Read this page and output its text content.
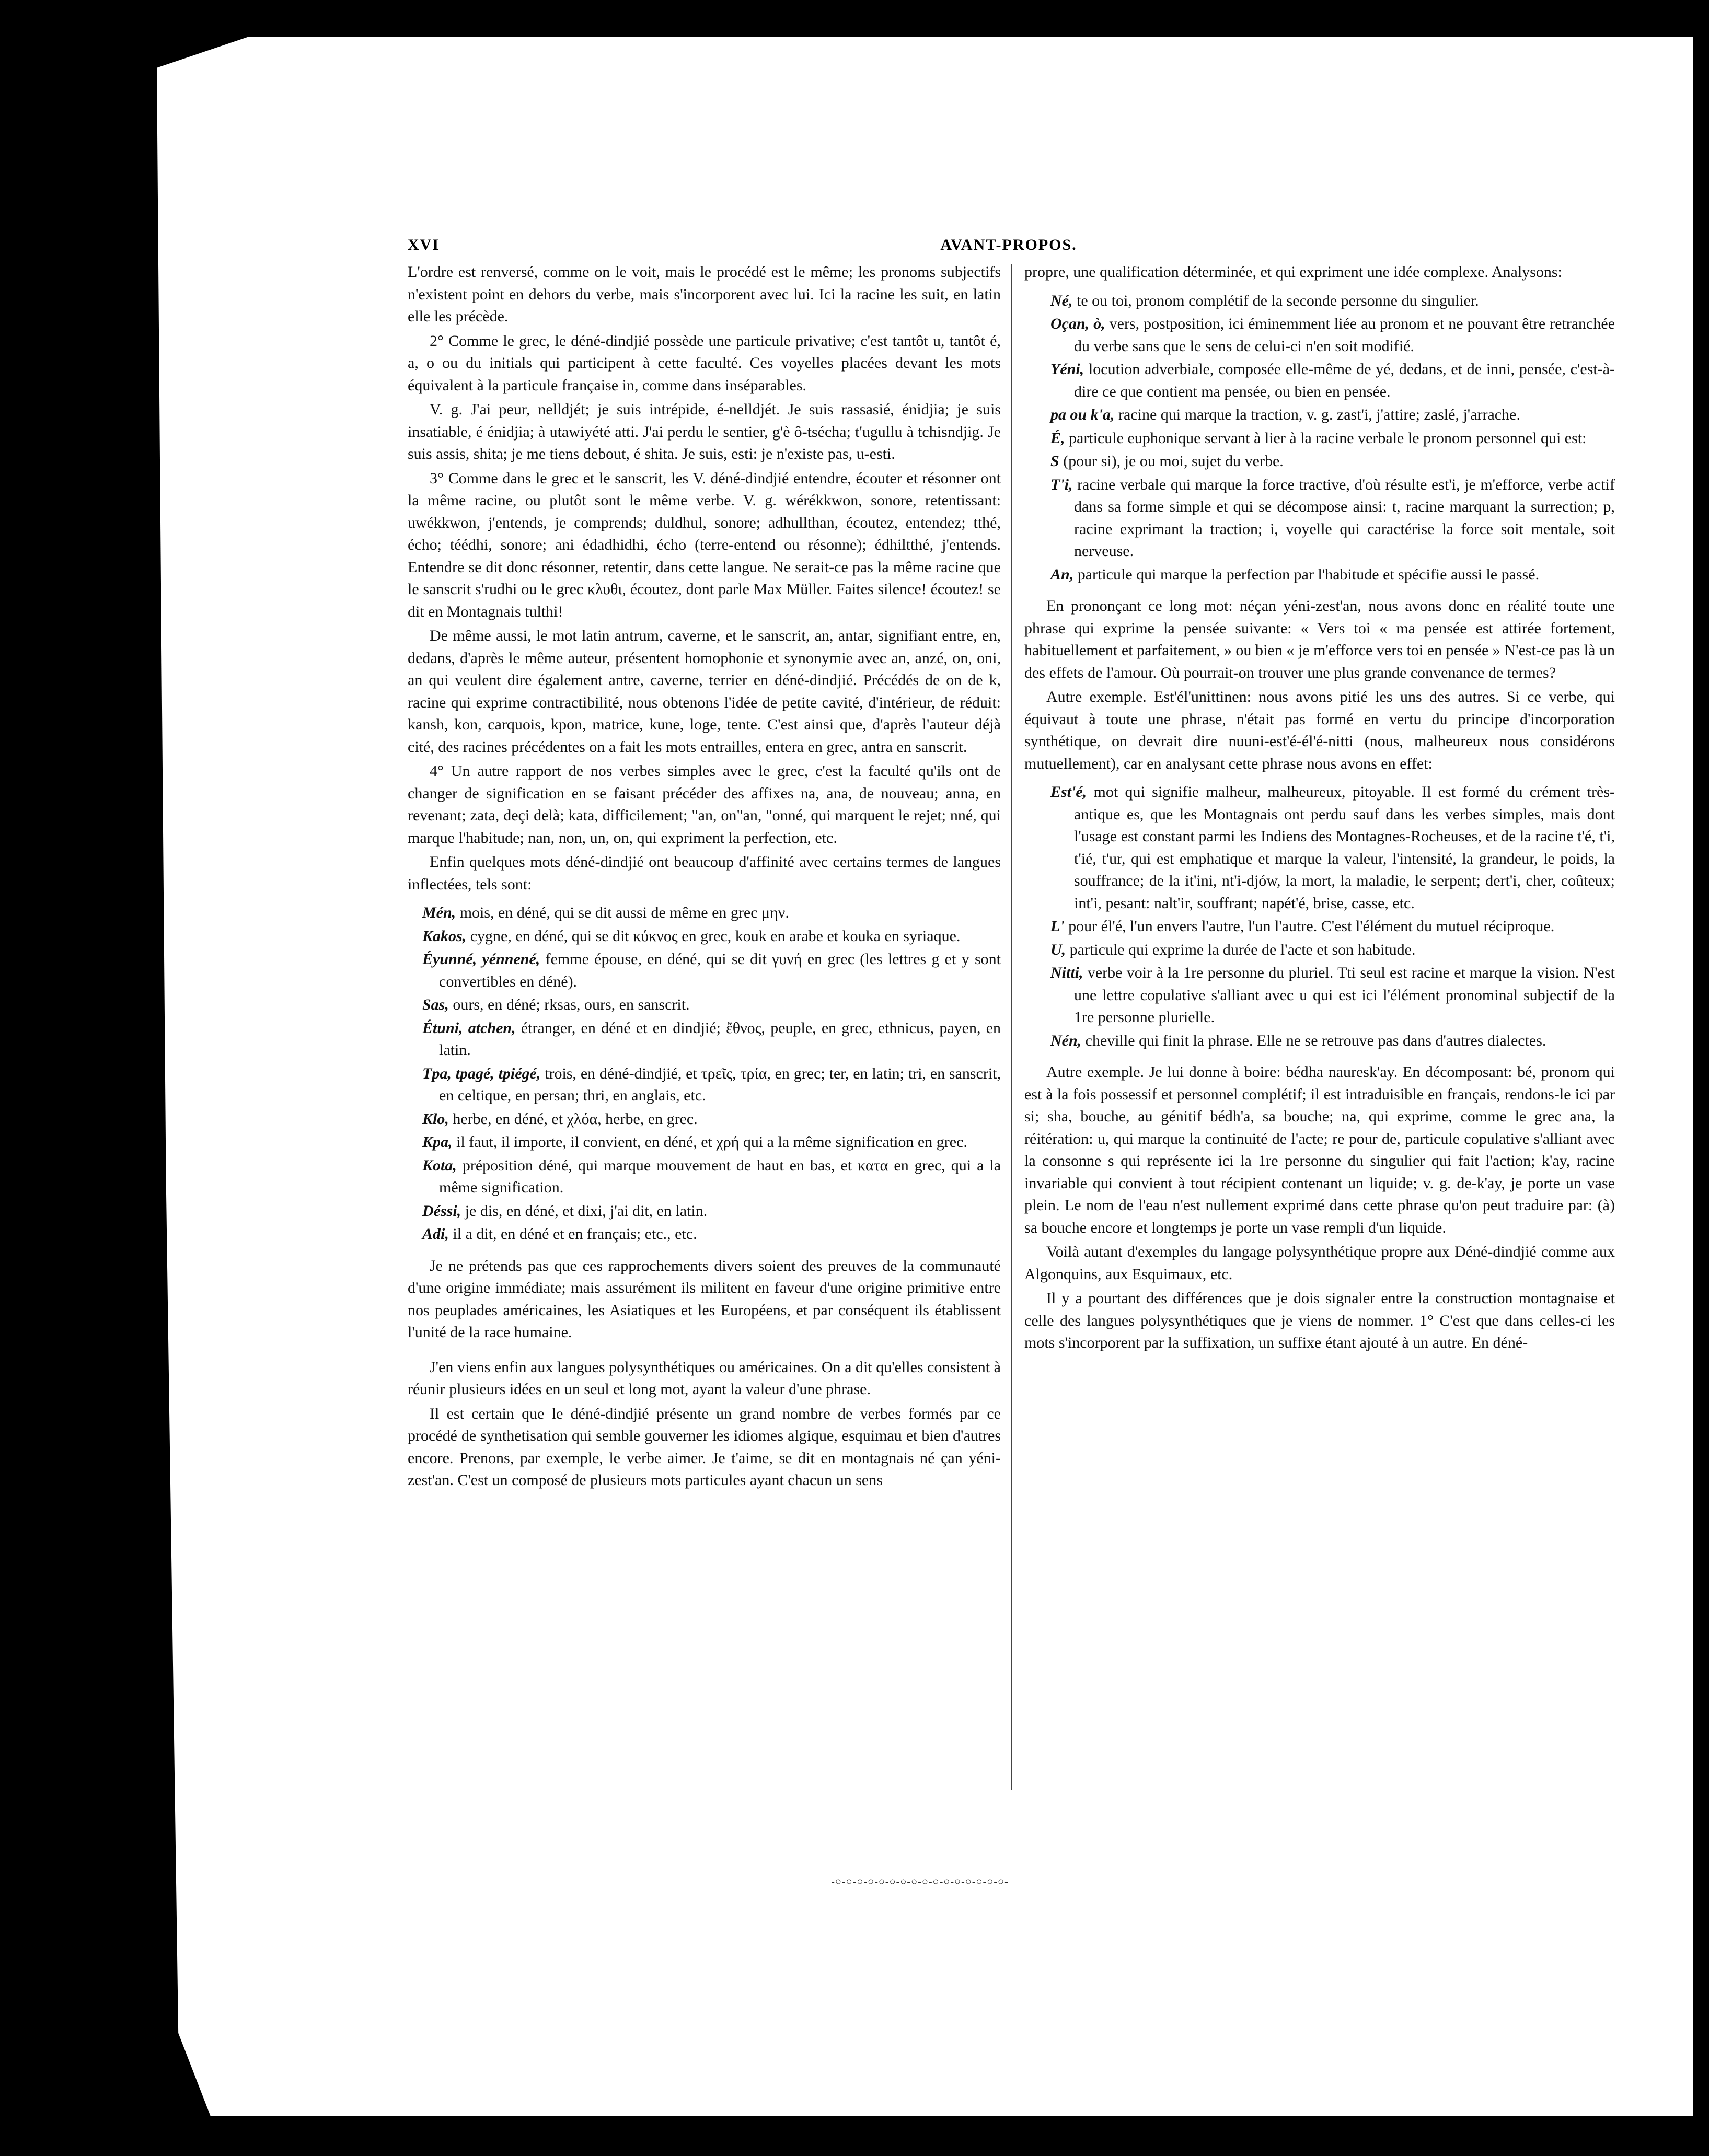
XVI	AVANT-PROPOS.

L'ordre est renversé, comme on le voit, mais le procédé est le même; les pronoms subjectifs n'existent point en dehors du verbe, mais s'incorporent avec lui. Ici la racine les suit, en latin elle les précède.

2° Comme le grec, le déné-dindjié possède une particule privative; c'est tantôt u, tantôt é, a, o ou du initials qui participent à cette faculté. Ces voyelles placées devant les mots équivalent à la particule française in, comme dans inséparables.

V. g. J'ai peur, nelldjét; je suis intrépide, é-nelldjét. Je suis rassasié, énidjia; je suis insatiable, é énidjia; à utawiyété atti. J'ai perdu le sentier, g'è ô-tsécha; t'ugullu à tchisndjig. Je suis assis, shita; je me tiens debout, é shita. Je suis, esti: je n'existe pas, u-esti.

3° Comme dans le grec et le sanscrit, les V. déné-dindjié entendre, écouter et résonner ont la même racine, ou plutôt sont le même verbe. V. g. wérékkwon, sonore, retentissant: uwékkwon, j'entends, je comprends; duldhul, sonore; adhullthan, écoutez, entendez; tthé, écho; téédhi, sonore; ani édadhidhi, écho (terre-entend ou résonne); édhiltthé, j'entends. Entendre se dit donc résonner, retentir, dans cette langue. Ne serait-ce pas la même racine que le sanscrit s'rudhi ou le grec κλυθι, écoutez, dont parle Max Müller. Faites silence! écoutez! se dit en Montagnais tulthi!

De même aussi, le mot latin antrum, caverne, et le sanscrit, an, antar, signifiant entre, en, dedans, d'après le même auteur, présentent homophonie et synonymie avec an, anzé, on, oni, an qui veulent dire également antre, caverne, terrier en déné-dindjié. Précédés de on de k, racine qui exprime contractibilité, nous obtenons l'idée de petite cavité, d'intérieur, de réduit: kansh, kon, carquois, kpon, matrice, kune, loge, tente. C'est ainsi que, d'après l'auteur déjà cité, des racines précédentes on a fait les mots entrailles, entera en grec, antra en sanscrit.

4° Un autre rapport de nos verbes simples avec le grec, c'est la faculté qu'ils ont de changer de signification en se faisant précéder des affixes na, ana, de nouveau; anna, en revenant; zata, deçi delà; kata, difficilement; "an, on"an, "onné, qui marquent le rejet; nné, qui marque l'habitude; nan, non, un, on, qui expriment la perfection, etc.

Enfin quelques mots déné-dindjié ont beaucoup d'affinité avec certains termes de langues inflectées, tels sont:

Mén, mois, en déné, qui se dit aussi de même en grec μην.
Kakos, cygne, en déné, qui se dit κύκνος en grec, kouk en arabe et kouka en syriaque.
Éyunné, yénnené, femme épouse, en déné, qui se dit γυνή en grec (les lettres g et y sont convertibles en déné).
Sas, ours, en déné; rksas, ours, en sanscrit.
Étuni, atchen, étranger, en déné et en dindjié; ἔθνος, peuple, en grec, ethnicus, payen, en latin.
Tpa, tpagé, tpiégé, trois, en déné-dindjié, et τρεῖς, τρία, en grec; ter, en latin; tri, en sanscrit, en celtique, en persan; thri, en anglais, etc.
Klo, herbe, en déné, et χλόα, herbe, en grec.
Kpa, il faut, il importe, il convient, en déné, et χρή qui a la même signification en grec.
Kota, préposition déné, qui marque mouvement de haut en bas, et κατα en grec, qui a la même signification.
Déssi, je dis, en déné, et dixi, j'ai dit, en latin.
Adi, il a dit, en déné et en français; etc., etc.

Je ne prétends pas que ces rapprochements divers soient des preuves de la communauté d'une origine immédiate; mais assurément ils militent en faveur d'une origine primitive entre nos peuplades américaines, les Asiatiques et les Européens, et par conséquent ils établissent l'unité de la race humaine.

J'en viens enfin aux langues polysynthétiques ou américaines. On a dit qu'elles consistent à réunir plusieurs idées en un seul et long mot, ayant la valeur d'une phrase.

Il est certain que le déné-dindjié présente un grand nombre de verbes formés par ce procédé de synthetisation qui semble gouverner les idiomes algique, esquimau et bien d'autres encore. Prenons, par exemple, le verbe aimer. Je t'aime, se dit en montagnais né çan yéni-zest'an. C'est un composé de plusieurs mots particules ayant chacun un sens

propre, une qualification déterminée, et qui expriment une idée complexe. Analysons:

Né, te ou toi, pronom complétif de la seconde personne du singulier.
Oçan, ò, vers, postposition, ici éminemment liée au pronom et ne pouvant être retranchée du verbe sans que le sens de celui-ci n'en soit modifié.
Yéni, locution adverbiale, composée elle-même de yé, dedans, et de inni, pensée, c'est-à-dire ce que contient ma pensée, ou bien en pensée.
pa ou k'a, racine qui marque la traction, v. g. zast'i, j'attire; zaslé, j'arrache.
É, particule euphonique servant à lier à la racine verbale le pronom personnel qui est:
S (pour si), je ou moi, sujet du verbe.
T'i, racine verbale qui marque la force tractive, d'où résulte est'i, je m'efforce, verbe actif dans sa forme simple et qui se décompose ainsi: t, racine marquant la surrection; p, racine exprimant la traction; i, voyelle qui caractérise la force soit mentale, soit nerveuse.
An, particule qui marque la perfection par l'habitude et spécifie aussi le passé.

En prononçant ce long mot: néçan yéni-zest'an, nous avons donc en réalité toute une phrase qui exprime la pensée suivante: « Vers toi « ma pensée est attirée fortement, habituellement et parfaitement, » ou bien « je m'efforce vers toi en pensée » N'est-ce pas là un des effets de l'amour. Où pourrait-on trouver une plus grande convenance de termes?

Autre exemple. Est'él'unittinen: nous avons pitié les uns des autres. Si ce verbe, qui équivaut à toute une phrase, n'était pas formé en vertu du principe d'incorporation synthétique, on devrait dire nuuni-est'é-él'é-nitti (nous, malheureux nous considérons mutuellement), car en analysant cette phrase nous avons en effet:

Est'é, mot qui signifie malheur, malheureux, pitoyable. Il est formé du crément très-antique es, que les Montagnais ont perdu sauf dans les verbes simples, mais dont l'usage est constant parmi les Indiens des Montagnes-Rocheuses, et de la racine t'é, t'i, t'ié, t'ur, qui est emphatique et marque la valeur, l'intensité, la grandeur, le poids, la souffrance; de la it'ini, nt'i-djów, la mort, la maladie, le serpent; dert'i, cher, coûteux; int'i, pesant: nalt'ir, souffrant; napét'é, brise, casse, etc.
L' pour él'é, l'un envers l'autre, l'un l'autre. C'est l'élément du mutuel réciproque.
U, particule qui exprime la durée de l'acte et son habitude.
Nitti, verbe voir à la 1re personne du pluriel. Tti seul est racine et marque la vision. N'est une lettre copulative s'alliant avec u qui est ici l'élément pronominal subjectif de la 1re personne plurielle.
Nén, cheville qui finit la phrase. Elle ne se retrouve pas dans d'autres dialectes.

Autre exemple. Je lui donne à boire: bédha nauresk'ay. En décomposant: bé, pronom qui est à la fois possessif et personnel complétif; il est intraduisible en français, rendons-le ici par si; sha, bouche, au génitif bédh'a, sa bouche; na, qui exprime, comme le grec ana, la réitération: u, qui marque la continuité de l'acte; re pour de, particule copulative s'alliant avec la consonne s qui représente ici la 1re personne du singulier qui fait l'action; k'ay, racine invariable qui convient à tout récipient contenant un liquide; v. g. de-k'ay, je porte un vase plein. Le nom de l'eau n'est nullement exprimé dans cette phrase qu'on peut traduire par: (à) sa bouche encore et longtemps je porte un vase rempli d'un liquide.

Voilà autant d'exemples du langage polysynthétique propre aux Déné-dindjié comme aux Algonquins, aux Esquimaux, etc.

Il y a pourtant des différences que je dois signaler entre la construction montagnaise et celle des langues polysynthétiques que je viens de nommer. 1° C'est que dans celles-ci les mots s'incorporent par la suffixation, un suffixe étant ajouté à un autre. En déné-

-○-○-○-○-○-○-○-○-○-○-○-○-○-○-○-○-
